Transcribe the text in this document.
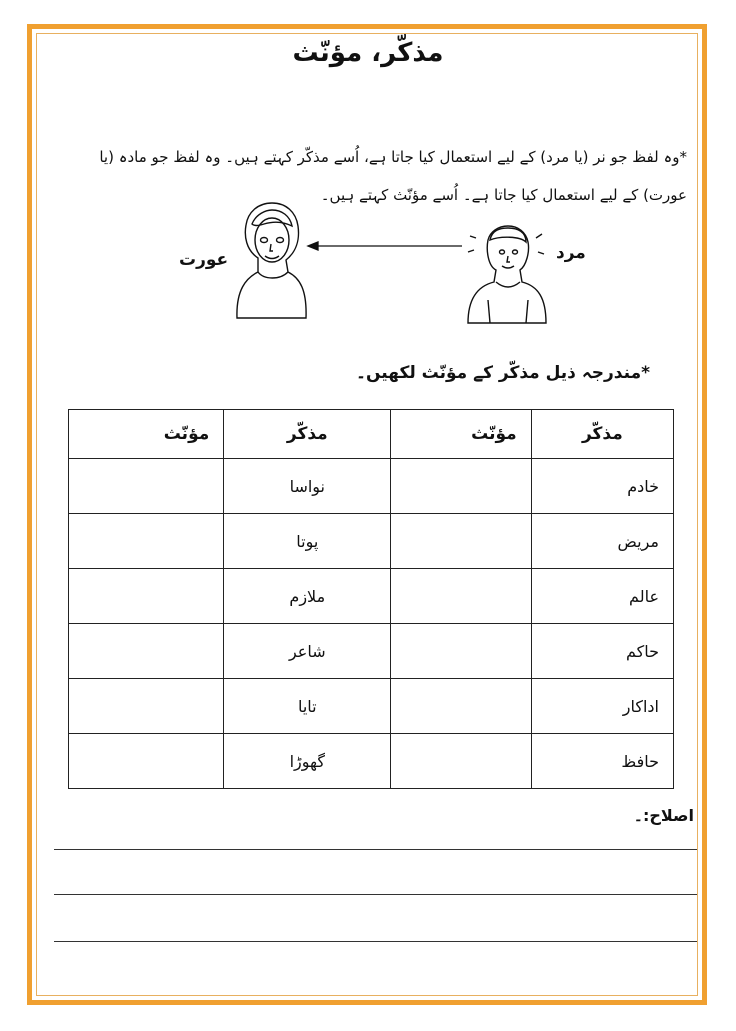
مذکّر، مؤنّث
*وہ لفظ جو نر (یا مرد) کے لیے استعمال کیا جاتا ہے، اُسے مذکّر کہتے ہیں۔ وہ لفظ جو مادہ (یا عورت) کے لیے استعمال کیا جاتا ہے۔ اُسے مؤنّث کہتے ہیں۔
عورت	مرد
*مندرجہ ذیل مذکّر کے مؤنّث لکھیں۔
مذکّر	مؤنّث	مذکّر	مؤنّث
خادم		نواسا	
مریض		پوتا	
عالم		ملازم	
حاکم		شاعر	
اداکار		تایا	
حافظ		گھوڑا	
اصلاح:۔
